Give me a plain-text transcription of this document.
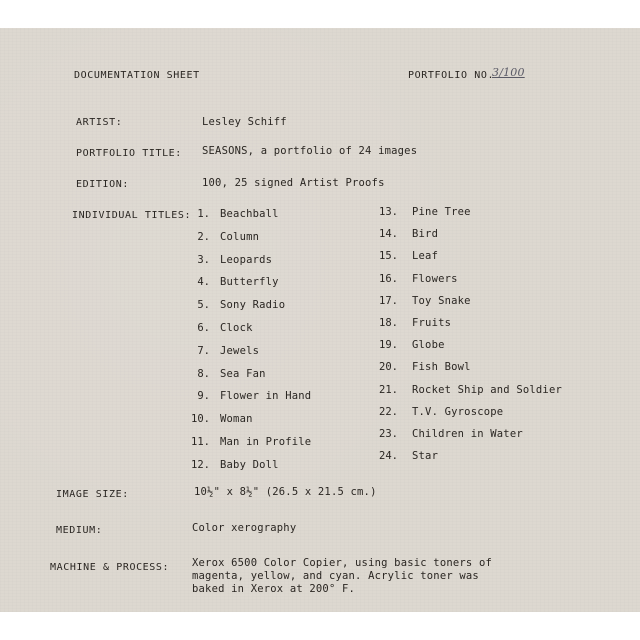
DOCUMENTATION SHEET	PORTFOLIO NO.
3/100
ARTIST:	Lesley Schiff
PORTFOLIO TITLE: SEASONS, a portfolio of 24 images
EDITION:	100, 25 signed Artist Proofs
INDIVIDUAL TITLES: 1. Beachball
2. Column
3. Leopards
4. Butterfly
5. Sony Radio
6. Clock
7. Jewels
8. Sea Fan
9. Flower in Hand
10. Woman
11. Man in Profile
12. Baby Doll
13. Pine Tree
14. Bird
15. Leaf
16. Flowers
17. Toy Snake
18. Fruits
19. Globe
20. Fish Bowl
21. Rocket Ship and Soldier
22. T.V. Gyroscope
23. Children in Water
24. Star
IMAGE SIZE:	10½" x 8½" (26.5 x 21.5 cm.)
MEDIUM:	Color xerography
MACHINE & PROCESS: Xerox 6500 Color Copier, using basic toners of
magenta, yellow, and cyan. Acrylic toner was
baked in Xerox at 200° F.
